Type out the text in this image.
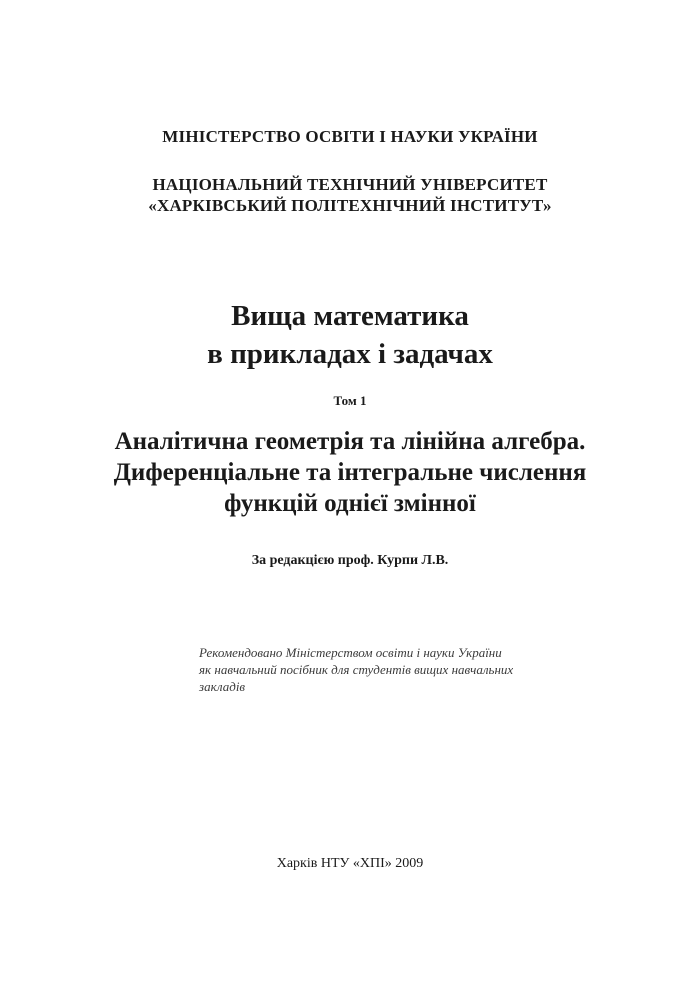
МІНІСТЕРСТВО ОСВІТИ І НАУКИ УКРАЇНИ
НАЦІОНАЛЬНИЙ ТЕХНІЧНИЙ УНІВЕРСИТЕТ
«ХАРКІВСЬКИЙ ПОЛІТЕХНІЧНИЙ ІНСТИТУТ»
Вища математика
в прикладах і задачах
Том 1
Аналітична геометрія та лінійна алгебра.
Диференціальне та інтегральне числення
функцій однієї змінної
За редакцією проф. Курпи Л.В.
Рекомендовано Міністерством освіти і науки України
як навчальний посібник для студентів вищих навчальних
закладів
Харків НТУ «ХПІ» 2009
